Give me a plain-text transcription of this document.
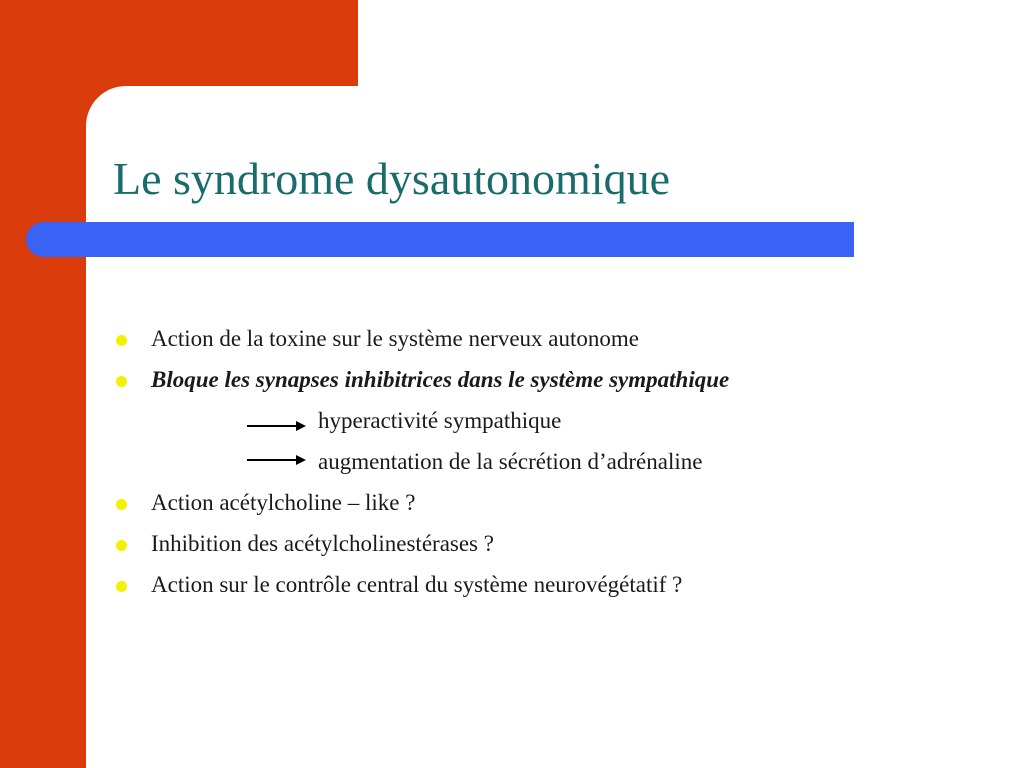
Le syndrome dysautonomique
Action de la toxine sur le système nerveux autonome
Bloque les synapses inhibitrices dans le système sympathique
hyperactivité sympathique
augmentation de la sécrétion d’adrénaline
Action acétylcholine – like ?
Inhibition des acétylcholinestérases ?
Action sur le contrôle central du système neurovégétatif ?
